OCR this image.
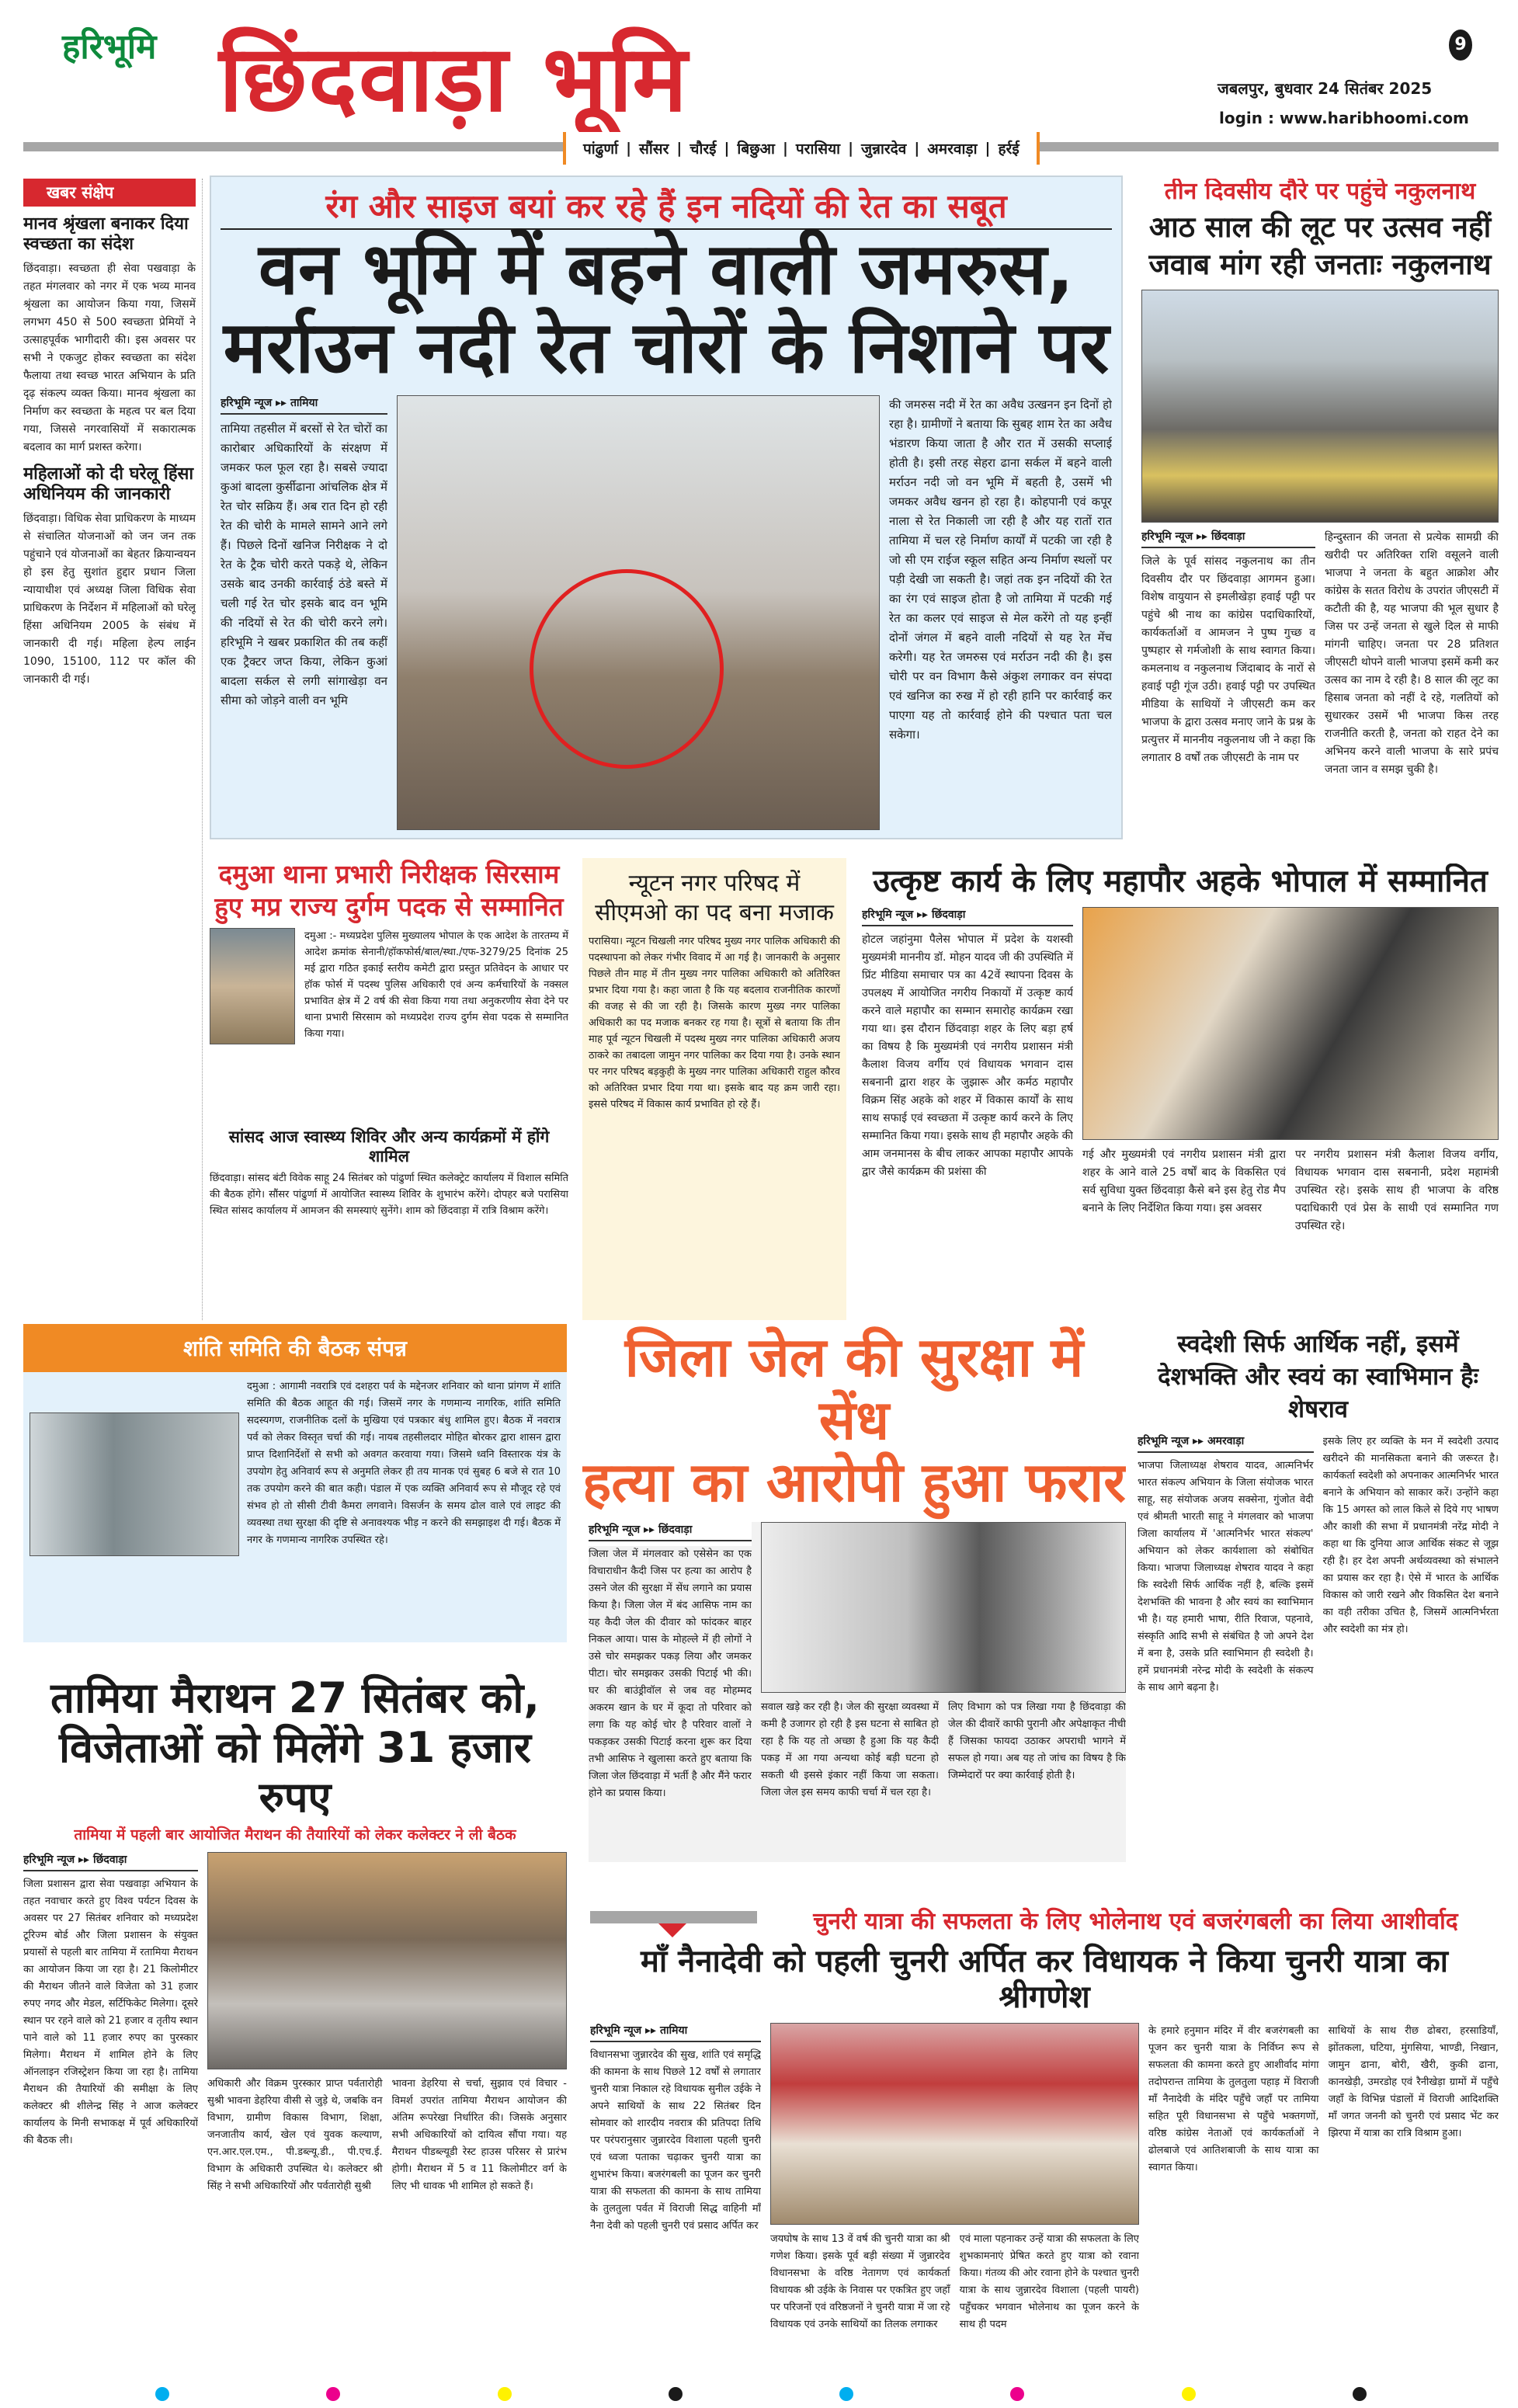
हरिभूमि छिंदवाड़ा भूमि	9
जबलपुर, बुधवार 24 सितंबर 2025
login : www.haribhoomi.com
पांढुर्णा | सौंसर | चौरई | बिछुआ | परासिया | जुन्नारदेव | अमरवाड़ा | हर्रई
खबर संक्षेप
मानव श्रृंखला बनाकर दिया स्वच्छता का संदेश
छिंदवाड़ा। स्वच्छता ही सेवा पखवाड़ा के तहत मंगलवार को नगर में एक भव्य मानव श्रृंखला का आयोजन किया गया, जिसमें लगभग 450 से 500 स्वच्छता प्रेमियों ने उत्साहपूर्वक भागीदारी की। इस अवसर पर सभी ने एकजुट होकर स्वच्छता का संदेश फैलाया तथा स्वच्छ भारत अभियान के प्रति दृढ़ संकल्प व्यक्त किया। मानव श्रृंखला का निर्माण कर स्वच्छता के महत्व पर बल दिया गया, जिससे नगरवासियों में सकारात्मक बदलाव का मार्ग प्रशस्त करेगा।
महिलाओं को दी घरेलू हिंसा अधिनियम की जानकारी
छिंदवाड़ा। विधिक सेवा प्राधिकरण के माध्यम से संचालित योजनाओं को जन जन तक पहुंचाने एवं योजनाओं का बेहतर क्रियान्वयन हो इस हेतु सुशांत हुद्दार प्रधान जिला न्यायाधीश एवं अध्यक्ष जिला विधिक सेवा प्राधिकरण के निर्देशन में महिलाओं को घरेलू हिंसा अधिनियम 2005 के संबंध में जानकारी दी गई। महिला हेल्प लाईन 1090, 15100, 112 पर कॉल की जानकारी दी गई।
रंग और साइज बयां कर रहे हैं इन नदियों की रेत का सबूत
वन भूमि में बहने वाली जमरुस,
मर्राउन नदी रेत चोरों के निशाने पर
हरिभूमि न्यूज ▸▸ तामिया
तामिया तहसील में बरसों से रेत चोरों का कारोबार अधिकारियों के संरक्षण में जमकर फल फूल रहा है। सबसे ज्यादा कुआं बादला कुर्सीढाना आंचलिक क्षेत्र में रेत चोर सक्रिय हैं। अब रात दिन हो रही रेत की चोरी के मामले सामने आने लगे हैं। पिछले दिनों खनिज निरीक्षक ने दो रेत के ट्रैक चोरी करते पकड़े थे, लेकिन उसके बाद उनकी कार्रवाई ठंडे बस्ते में चली गई रेत चोर इसके बाद वन भूमि की नदियों से रेत की चोरी करने लगे। हरिभूमि ने खबर प्रकाशित की तब कहीं एक ट्रैक्टर जप्त किया, लेकिन कुआं बादला सर्कल से लगी सांगाखेड़ा वन सीमा को जोड़ने वाली वन भूमि
की जमरुस नदी में रेत का अवैध उत्खनन इन दिनों हो रहा है। ग्रामीणों ने बताया कि सुबह शाम रेत का अवैध भंडारण किया जाता है और रात में उसकी सप्लाई होती है। इसी तरह सेहरा ढाना सर्कल में बहने वाली मर्राउन नदी जो वन भूमि में बहती है, उसमें भी जमकर अवैध खनन हो रहा है। कोहपानी एवं कपूर नाला से रेत निकाली जा रही है और यह रातों रात तामिया में चल रहे निर्माण कार्यों में पटकी जा रही है जो सी एम राईज स्कूल सहित अन्य निर्माण स्थलों पर पड़ी देखी जा सकती है। जहां तक इन नदियों की रेत का रंग एवं साइज होता है जो तामिया में पटकी गई रेत का कलर एवं साइज से मेल करेंगे तो यह इन्हीं दोनों जंगल में बहने वाली नदियों से यह रेत मेंच करेगी। यह रेत जमरुस एवं मर्राउन नदी की है। इस चोरी पर वन विभाग कैसे अंकुश लगाकर वन संपदा एवं खनिज का रुख में हो रही हानि पर कार्रवाई कर पाएगा यह तो कार्रवाई होने की पश्चात पता चल सकेगा।
तीन दिवसीय दौरे पर पहुंचे नकुलनाथ
आठ साल की लूट पर उत्सव नहीं जवाब मांग रही जनताः नकुलनाथ
हरिभूमि न्यूज ▸▸ छिंदवाड़ा
जिले के पूर्व सांसद नकुलनाथ का तीन दिवसीय दौर पर छिंदवाड़ा आगमन हुआ। विशेष वायुयान से इमलीखेड़ा हवाई पट्टी पर पहुंचे श्री नाथ का कांग्रेस पदाधिकारियों, कार्यकर्ताओं व आमजन ने पुष्प गुच्छ व पुष्पहार से गर्मजोशी के साथ स्वागत किया। कमलनाथ व नकुलनाथ जिंदाबाद के नारों से हवाई पट्टी गूंज उठी। हवाई पट्टी पर उपस्थित मीडिया के साथियों ने जीएसटी कम कर भाजपा के द्वारा उत्सव मनाए जाने के प्रश्न के प्रत्युत्तर में माननीय नकुलनाथ जी ने कहा कि लगातार 8 वर्षों तक जीएसटी के नाम पर
हिन्दुस्तान की जनता से प्रत्येक सामग्री की खरीदी पर अतिरिक्त राशि वसूलने वाली भाजपा ने जनता के बहुत आक्रोश और कांग्रेस के सतत विरोध के उपरांत जीएसटी में कटौती की है, यह भाजपा की भूल सुधार है जिस पर उन्हें जनता से खुले दिल से माफी मांगनी चाहिए। जनता पर 28 प्रतिशत जीएसटी थोपने वाली भाजपा इसमें कमी कर उत्सव का नाम दे रही है। 8 साल की लूट का हिसाब जनता को नहीं दे रहे, गलतियों को सुधारकर उसमें भी भाजपा किस तरह राजनीति करती है, जनता को राहत देने का अभिनय करने वाली भाजपा के सारे प्रपंच जनता जान व समझ चुकी है।
दमुआ थाना प्रभारी निरीक्षक सिरसाम हुए मप्र राज्य दुर्गम पदक से सम्मानित
दमुआ :- मध्यप्रदेश पुलिस मुख्यालय भोपाल के एक आदेश के तारतम्य में आदेश क्रमांक सेनानी/हॉकफोर्स/बाल/स्था./एफ-3279/25 दिनांक 25 मई द्वारा गठित इकाई स्तरीय कमेटी द्वारा प्रस्तुत प्रतिवेदन के आधार पर हॉक फोर्स में पदस्थ पुलिस अधिकारी एवं अन्य कर्मचारियों के नक्सल प्रभावित क्षेत्र में 2 वर्ष की सेवा किया गया तथा अनुकरणीय सेवा देने पर थाना प्रभारी सिरसाम को मध्यप्रदेश राज्य दुर्गम सेवा पदक से सम्मानित किया गया।
सांसद आज स्वास्थ्य शिविर और अन्य कार्यक्रमों में होंगे शामिल
छिंदवाड़ा। सांसद बंटी विवेक साहू 24 सितंबर को पांढुर्णा स्थित कलेक्ट्रेट कार्यालय में विशाल समिति की बैठक होंगे। सौंसर पांढुर्णा में आयोजित स्वास्थ्य शिविर के शुभारंभ करेंगे। दोपहर बजे परासिया स्थित सांसद कार्यालय में आमजन की समस्याएं सुनेंगे। शाम को छिंदवाड़ा में रात्रि विश्राम करेंगे।
न्यूटन नगर परिषद में
सीएमओ का पद बना मजाक
परासिया। न्यूटन चिखली नगर परिषद मुख्य नगर पालिक अधिकारी की पदस्थापना को लेकर गंभीर विवाद में आ गई है। जानकारी के अनुसार पिछले तीन माह में तीन मुख्य नगर पालिका अधिकारी को अतिरिक्त प्रभार दिया गया है। कहा जाता है कि यह बदलाव राजनीतिक कारणों की वजह से की जा रही है। जिसके कारण मुख्य नगर पालिका अधिकारी का पद मजाक बनकर रह गया है। सूत्रों से बताया कि तीन माह पूर्व न्यूटन चिखली में पदस्थ मुख्य नगर पालिका अधिकारी अजय ठाकरे का तबादला जामुन नगर पालिका कर दिया गया है। उनके स्थान पर नगर परिषद बड़कुही के मुख्य नगर पालिका अधिकारी राहुल कौरव को अतिरिक्त प्रभार दिया गया था। इसके बाद यह क्रम जारी रहा। इससे परिषद में विकास कार्य प्रभावित हो रहे हैं।
उत्कृष्ट कार्य के लिए महापौर अहके भोपाल में सम्मानित
हरिभूमि न्यूज ▸▸ छिंदवाड़ा
होटल जहांनुमा पैलेस भोपाल में प्रदेश के यशस्वी मुख्यमंत्री माननीय डॉ. मोहन यादव जी की उपस्थिति में प्रिंट मीडिया समाचार पत्र का 42वें स्थापना दिवस के उपलक्ष्य में आयोजित नगरीय निकायों में उत्कृष्ट कार्य करने वाले महापौर का सम्मान समारोह कार्यक्रम रखा गया था। इस दौरान छिंदवाड़ा शहर के लिए बड़ा हर्ष का विषय है कि मुख्यमंत्री एवं नगरीय प्रशासन मंत्री कैलाश विजय वर्गीय एवं विधायक भगवान दास सबनानी द्वारा शहर के जुझारू और कर्मठ महापौर विक्रम सिंह अहके को शहर में विकास कार्यों के साथ साथ सफाई एवं स्वच्छता में उत्कृष्ट कार्य करने के लिए सम्मानित किया गया। इसके साथ ही महापौर अहके की आम जनमानस के बीच लाकर आपका महापौर आपके द्वार जैसे कार्यक्रम की प्रशंसा की
गई और मुख्यमंत्री एवं नगरीय प्रशासन मंत्री द्वारा शहर के आने वाले 25 वर्षों बाद के विकसित एवं सर्व सुविधा युक्त छिंदवाड़ा कैसे बने इस हेतु रोड मैप बनाने के लिए निर्देशित किया गया। इस अवसर
पर नगरीय प्रशासन मंत्री कैलाश विजय वर्गीय, विधायक भगवान दास सबनानी, प्रदेश महामंत्री उपस्थित रहे। इसके साथ ही भाजपा के वरिष्ठ पदाधिकारी एवं प्रेस के साथी एवं सम्मानित गण उपस्थित रहे।
शांति समिति की बैठक संपन्न
दमुआ : आगामी नवरात्रि एवं दशहरा पर्व के मद्देनजर शनिवार को थाना प्रांगण में शांति समिति की बैठक आहूत की गई। जिसमें नगर के गणमान्य नागरिक, शांति समिति सदस्यगण, राजनीतिक दलों के मुखिया एवं पत्रकार बंधु शामिल हुए। बैठक में नवरात्र पर्व को लेकर विस्तृत चर्चा की गई। नायब तहसीलदार मोहित बोरकर द्वारा शासन द्वारा प्राप्त दिशानिर्देशों से सभी को अवगत करवाया गया। जिसमे ध्वनि विस्तारक यंत्र के उपयोग हेतु अनिवार्य रूप से अनुमति लेकर ही तय मानक एवं सुबह 6 बजे से रात 10 तक उपयोग करने की बात कही। पंडाल में एक व्यक्ति अनिवार्य रूप से मौजूद रहे एवं संभव हो तो सीसी टीवी कैमरा लगवाने। विसर्जन के समय ढोल वाले एवं लाइट की व्यवस्था तथा सुरक्षा की दृष्टि से अनावश्यक भीड़ न करने की समझाइश दी गई। बैठक में नगर के गणमान्य नागरिक उपस्थित रहे।
जिला जेल की सुरक्षा में सेंध
हत्या का आरोपी हुआ फरार
हरिभूमि न्यूज ▸▸ छिंदवाड़ा
जिला जेल में मंगलवार को एसेसेन का एक विचाराधीन कैदी जिस पर हत्या का आरोप है उसने जेल की सुरक्षा में सेंध लगाने का प्रयास किया है। जिला जेल में बंद आसिफ नाम का यह कैदी जेल की दीवार को फांदकर बाहर निकल आया। पास के मोहल्ले में ही लोगों ने उसे चोर समझकर पकड़ लिया और जमकर पीटा। चोर समझकर उसकी पिटाई भी की। घर की बाउंड्रीवॉल से जब वह मोहम्मद अकरम खान के घर में कूदा तो परिवार को लगा कि यह कोई चोर है परिवार वालों ने पकड़कर उसकी पिटाई करना शुरू कर दिया तभी आसिफ ने खुलासा करते हुए बताया कि जिला जेल छिंदवाड़ा में भर्ती है और मैंने फरार होने का प्रयास किया।
सवाल खड़े कर रही है। जेल की सुरक्षा व्यवस्था में कमी है उजागर हो रही है इस घटना से साबित हो रहा है कि यह तो अच्छा है हुआ कि यह कैदी पकड़ में आ गया अन्यथा कोई बड़ी घटना हो सकती थी इससे इंकार नहीं किया जा सकता। जिला जेल इस समय काफी चर्चा में चल रहा है।
लिए विभाग को पत्र लिखा गया है छिंदवाड़ा की जेल की दीवारें काफी पुरानी और अपेक्षाकृत नीची हैं जिसका फायदा उठाकर अपराधी भागने में सफल हो गया। अब यह तो जांच का विषय है कि जिम्मेदारों पर क्या कार्रवाई होती है।
स्वदेशी सिर्फ आर्थिक नहीं, इसमें देशभक्ति और स्वयं का स्वाभिमान हैः शेषराव
हरिभूमि न्यूज ▸▸ अमरवाड़ा
भाजपा जिलाध्यक्ष शेषराव यादव, आत्मनिर्भर भारत संकल्प अभियान के जिला संयोजक भारत साहू, सह संयोजक अजय सक्सेना, गुंजोत वेदी एवं श्रीमती भारती साहू ने मंगलवार को भाजपा जिला कार्यालय में 'आत्मनिर्भर भारत संकल्प' अभियान को लेकर कार्यशाला को संबोधित किया। भाजपा जिलाध्यक्ष शेषराव यादव ने कहा कि स्वदेशी सिर्फ आर्थिक नहीं है, बल्कि इसमें देशभक्ति की भावना है और स्वयं का स्वाभिमान भी है। यह हमारी भाषा, रीति रिवाज, पहनावे, संस्कृति आदि सभी से संबंधित है जो अपने देश में बना है, उसके प्रति स्वाभिमान ही स्वदेशी है। हमें प्रधानमंत्री नरेन्द्र मोदी के स्वदेशी के संकल्प के साथ आगे बढ़ना है।
इसके लिए हर व्यक्ति के मन में स्वदेशी उत्पाद खरीदने की मानसिकता बनाने की जरूरत है। कार्यकर्ता स्वदेशी को अपनाकर आत्मनिर्भर भारत बनाने के अभियान को साकार करें। उन्होंने कहा कि 15 अगस्त को लाल किले से दिये गए भाषण और काशी की सभा में प्रधानमंत्री नरेंद्र मोदी ने कहा था कि दुनिया आज आर्थिक संकट से जूझ रही है। हर देश अपनी अर्थव्यवस्था को संभालने का प्रयास कर रहा है। ऐसे में भारत के आर्थिक विकास को जारी रखने और विकसित देश बनाने का वही तरीका उचित है, जिसमें आत्मनिर्भरता और स्वदेशी का मंत्र हो।
तामिया मैराथन 27 सितंबर को, विजेताओं को मिलेंगे 31 हजार रुपए
तामिया में पहली बार आयोजित मैराथन की तैयारियों को लेकर कलेक्टर ने ली बैठक
हरिभूमि न्यूज ▸▸ छिंदवाड़ा
जिला प्रशासन द्वारा सेवा पखवाड़ा अभियान के तहत नवाचार करते हुए विश्व पर्यटन दिवस के अवसर पर 27 सितंबर शनिवार को मध्यप्रदेश टूरिज्म बोर्ड और जिला प्रशासन के संयुक्त प्रयासों से पहली बार तामिया में रतामिया मैराथन का आयोजन किया जा रहा है। 21 किलोमीटर की मैराथन जीतने वाले विजेता को 31 हजार रुपए नगद और मेडल, सर्टिफिकेट मिलेगा। दूसरे स्थान पर रहने वाले को 21 हजार व तृतीय स्थान पाने वाले को 11 हजार रुपए का पुरस्कार मिलेगा। मैराथन में शामिल होने के लिए ऑनलाइन रजिस्ट्रेशन किया जा रहा है। तामिया मैराथन की तैयारियों की समीक्षा के लिए कलेक्टर श्री शीलेन्द्र सिंह ने आज कलेक्टर कार्यालय के मिनी सभाकक्ष में पूर्व अधिकारियों की बैठक ली।
अधिकारी और विक्रम पुरस्कार प्राप्त पर्वतारोही सुश्री भावना डेहरिया वीसी से जुड़े थे, जबकि वन विभाग, ग्रामीण विकास विभाग, शिक्षा, जनजातीय कार्य, खेल एवं युवक कल्याण, एन.आर.एल.एम., पी.डब्ल्यू.डी., पी.एच.ई. विभाग के अधिकारी उपस्थित थे। कलेक्टर श्री सिंह ने सभी अधिकारियों और पर्वतारोही सुश्री
भावना डेहरिया से चर्चा, सुझाव एवं विचार - विमर्श उपरांत तामिया मैराथन आयोजन की अंतिम रूपरेखा निर्धारित की। जिसके अनुसार सभी अधिकारियों को दायित्व सौंपा गया। यह मैराथन पीडब्ल्यूडी रेस्ट हाउस परिसर से प्रारंभ होगी। मैराथन में 5 व 11 किलोमीटर वर्ग के लिए भी धावक भी शामिल हो सकते हैं।
चुनरी यात्रा की सफलता के लिए भोलेनाथ एवं बजरंगबली का लिया आशीर्वाद
माँ नैनादेवी को पहली चुनरी अर्पित कर विधायक ने किया चुनरी यात्रा का श्रीगणेश
हरिभूमि न्यूज ▸▸ तामिया
विधानसभा जुन्नारदेव की सुख, शांति एवं समृद्धि की कामना के साथ पिछले 12 वर्षों से लगातार चुनरी यात्रा निकाल रहे विधायक सुनील उईके ने अपने साथियों के साथ 22 सितंबर दिन सोमवार को शारदीय नवरात्र की प्रतिपदा तिथि पर परंपरानुसार जुन्नारदेव विशाला पहली चुनरी एवं ध्वजा पताका चढ़ाकर चुनरी यात्रा का शुभारंभ किया। बजरंगबली का पूजन कर चुनरी यात्रा की सफलता की कामना के साथ तामिया के तुलतुला पर्वत में विराजी सिद्ध वाहिनी माँ नैना देवी को पहली चुनरी एवं प्रसाद अर्पित कर
जयघोष के साथ 13 वें वर्ष की चुनरी यात्रा का श्री गणेश किया। इसके पूर्व बड़ी संख्या में जुन्नारदेव विधानसभा के वरिष्ठ नेतागण एवं कार्यकर्ता विधायक श्री उईके के निवास पर एकत्रित हुए जहाँ पर परिजनों एवं वरिष्ठजनों ने चुनरी यात्रा में जा रहे विधायक एवं उनके साथियों का तिलक लगाकर
एवं माला पहनाकर उन्हें यात्रा की सफलता के लिए शुभकामनाएं प्रेषित करते हुए यात्रा को रवाना किया। गंतव्य की ओर रवाना होने के पश्चात चुनरी यात्रा के साथ जुन्नारदेव विशाला (पहली पायरी) पहुँचकर भगवान भोलेनाथ का पूजन करने के साथ ही पदम
के हमारे हनुमान मंदिर में वीर बजरंगबली का पूजन कर चुनरी यात्रा के निर्विघ्न रूप से सफलता की कामना करते हुए आशीर्वाद मांगा तदोपरान्त तामिया के तुलतुला पहाड़ में विराजी माँ नैनादेवी के मंदिर पहुँचे जहाँ पर तामिया सहित पूरी विधानसभा से पहुँचे भक्तगणों, वरिष्ठ कांग्रेस नेताओं एवं कार्यकर्ताओं ने ढोलबाजे एवं आतिशबाजी के साथ यात्रा का स्वागत किया।
साथियों के साथ रीछ ढोबरा, हरसाडियाँ, झोंतकला, घटिया, मुंगसिया, भाण्डी, निखान, जामुन ढाना, बोरी, खैरी, कुकी ढाना, कानखेड़ी, उमरडोह एवं रैनीखेड़ा ग्रामों में पहुँचे जहाँ के विभिन्न पंडालों में विराजी आदिशक्ति माँ जगत जननी को चुनरी एवं प्रसाद भेंट कर झिरपा में यात्रा का रात्रि विश्राम हुआ।
